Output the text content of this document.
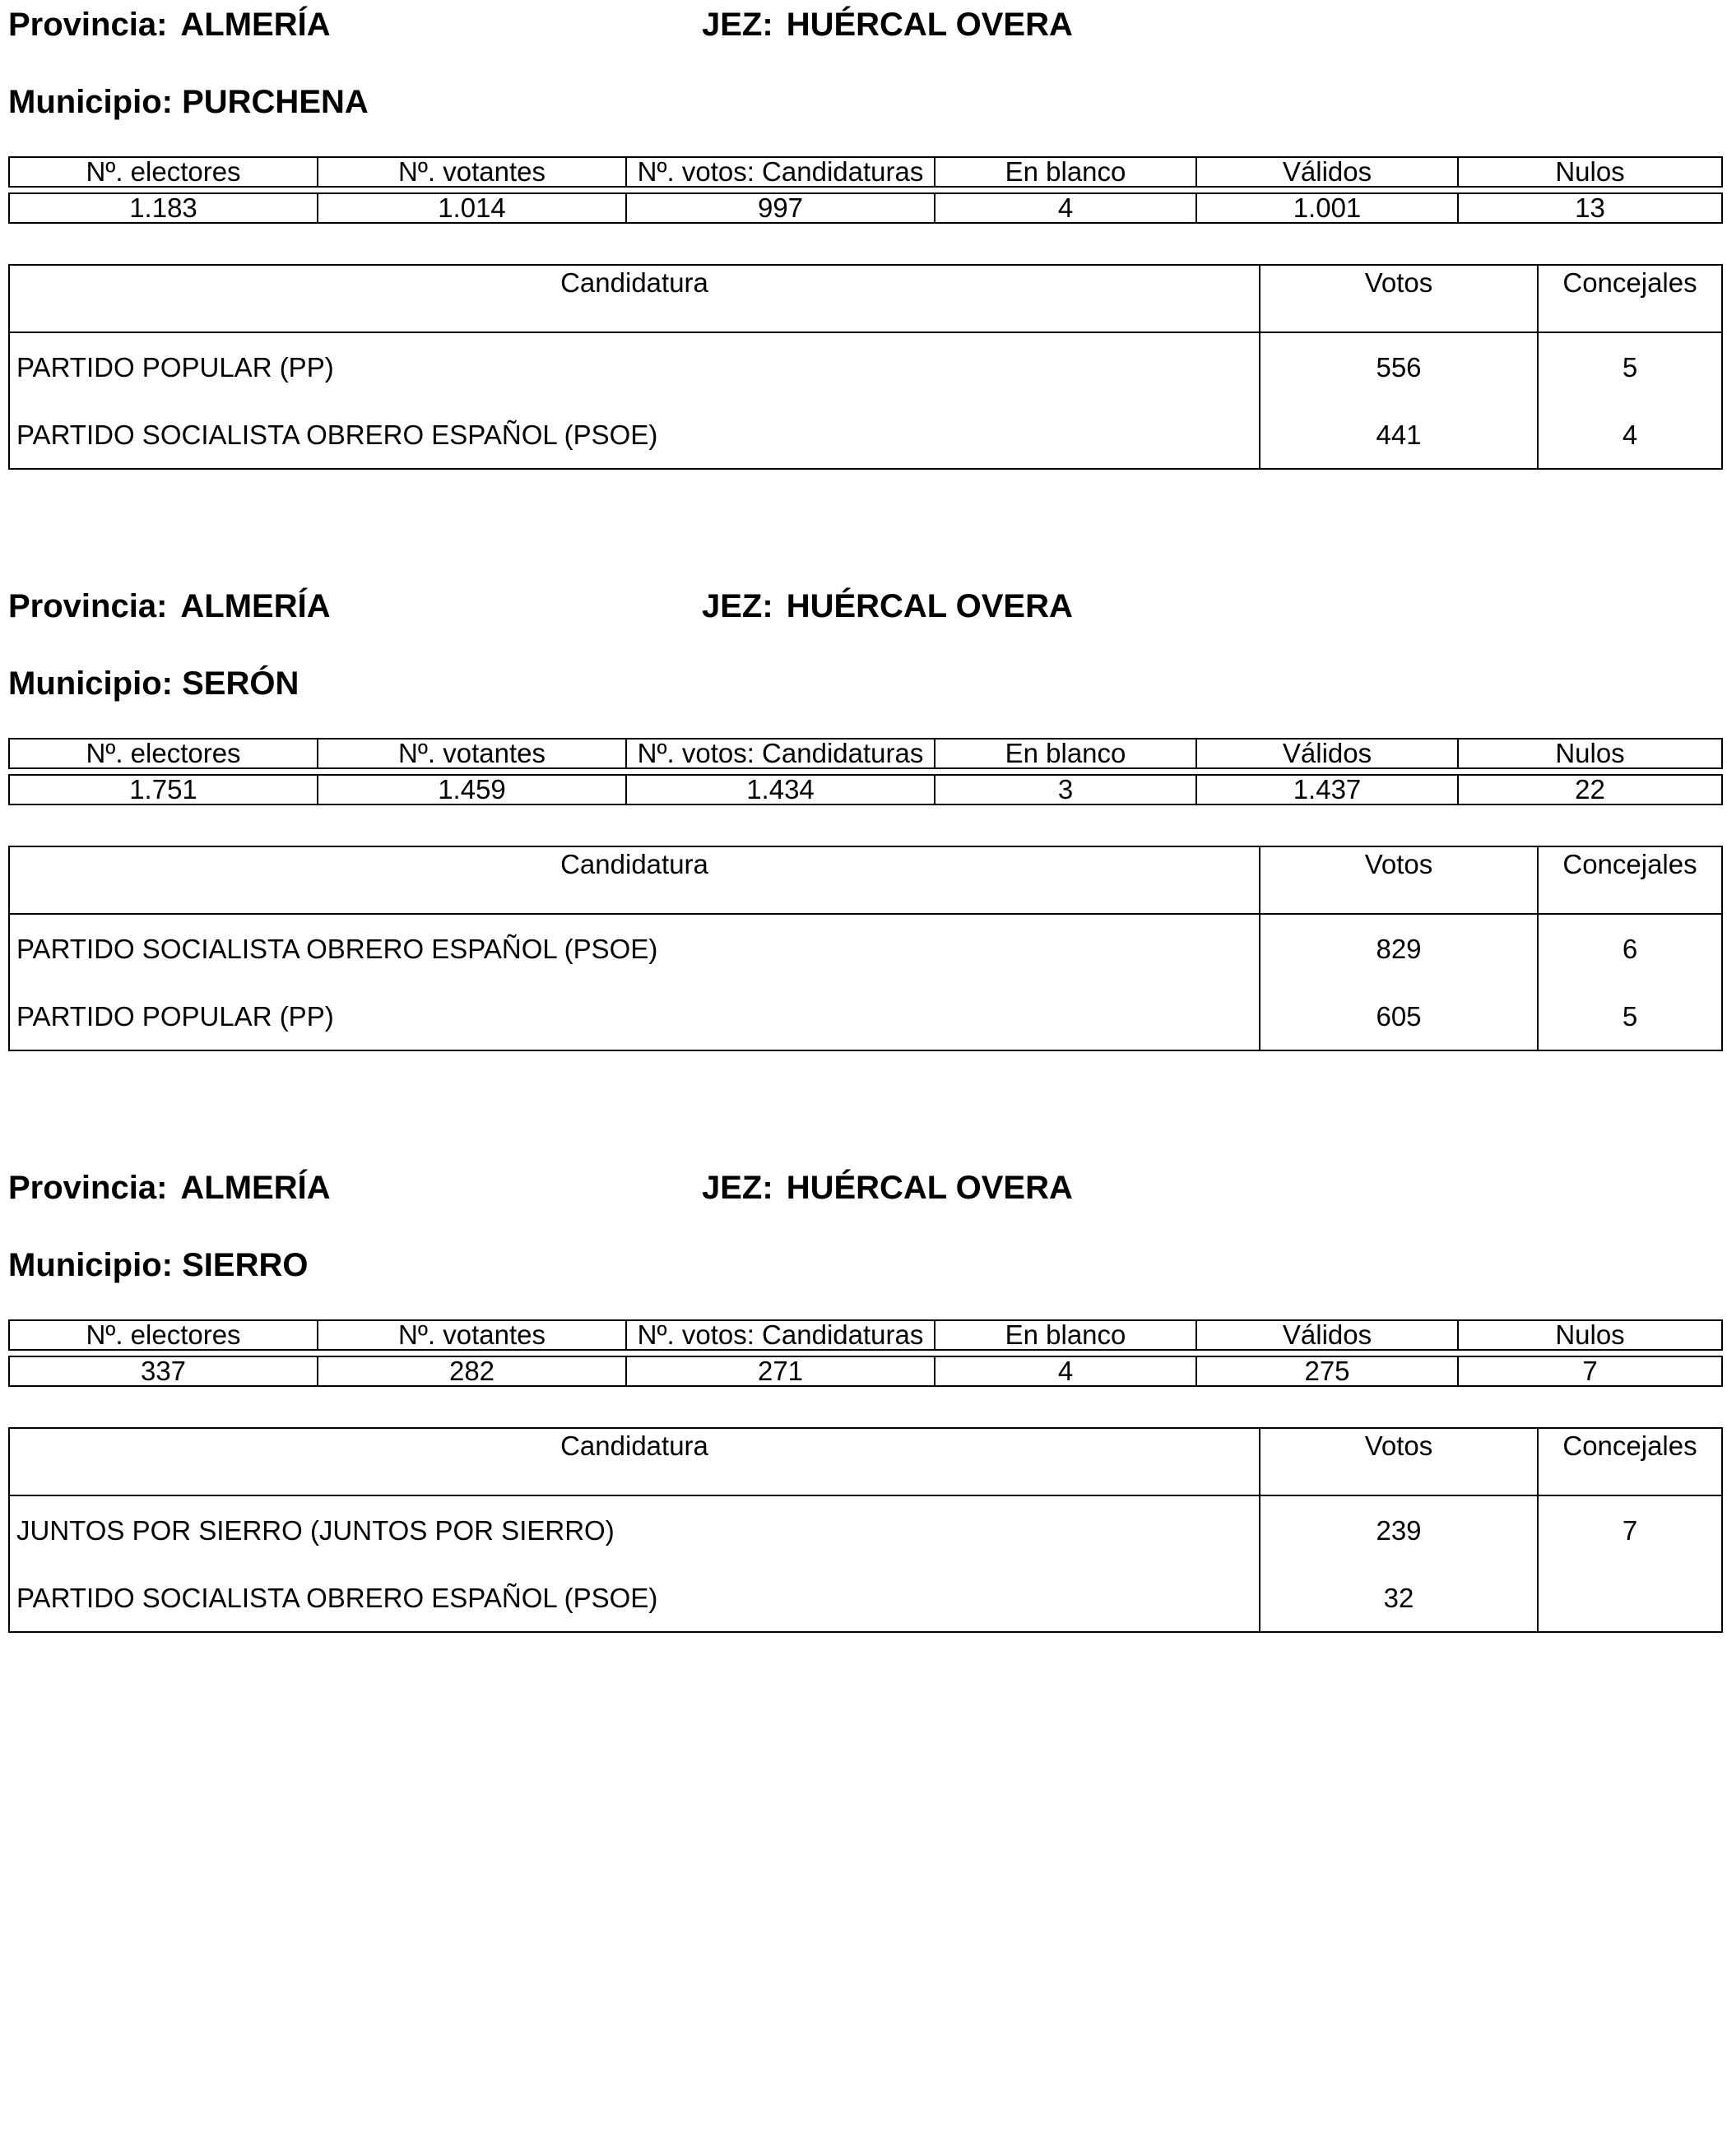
Provincia: ALMERÍA	JEZ: HUÉRCAL OVERA
Municipio: PURCHENA
Nº. electores	Nº. votantes	Nº. votos: Candidaturas	En blanco	Válidos	Nulos
1.183	1.014	997	4	1.001	13
Candidatura	Votos	Concejales
PARTIDO POPULAR (PP)	556	5
PARTIDO SOCIALISTA OBRERO ESPAÑOL (PSOE)	441	4
Provincia: ALMERÍA	JEZ: HUÉRCAL OVERA
Municipio: SERÓN
Nº. electores	Nº. votantes	Nº. votos: Candidaturas	En blanco	Válidos	Nulos
1.751	1.459	1.434	3	1.437	22
Candidatura	Votos	Concejales
PARTIDO SOCIALISTA OBRERO ESPAÑOL (PSOE)	829	6
PARTIDO POPULAR (PP)	605	5
Provincia: ALMERÍA	JEZ: HUÉRCAL OVERA
Municipio: SIERRO
Nº. electores	Nº. votantes	Nº. votos: Candidaturas	En blanco	Válidos	Nulos
337	282	271	4	275	7
Candidatura	Votos	Concejales
JUNTOS POR SIERRO (JUNTOS POR SIERRO)	239	7
PARTIDO SOCIALISTA OBRERO ESPAÑOL (PSOE)	32	
